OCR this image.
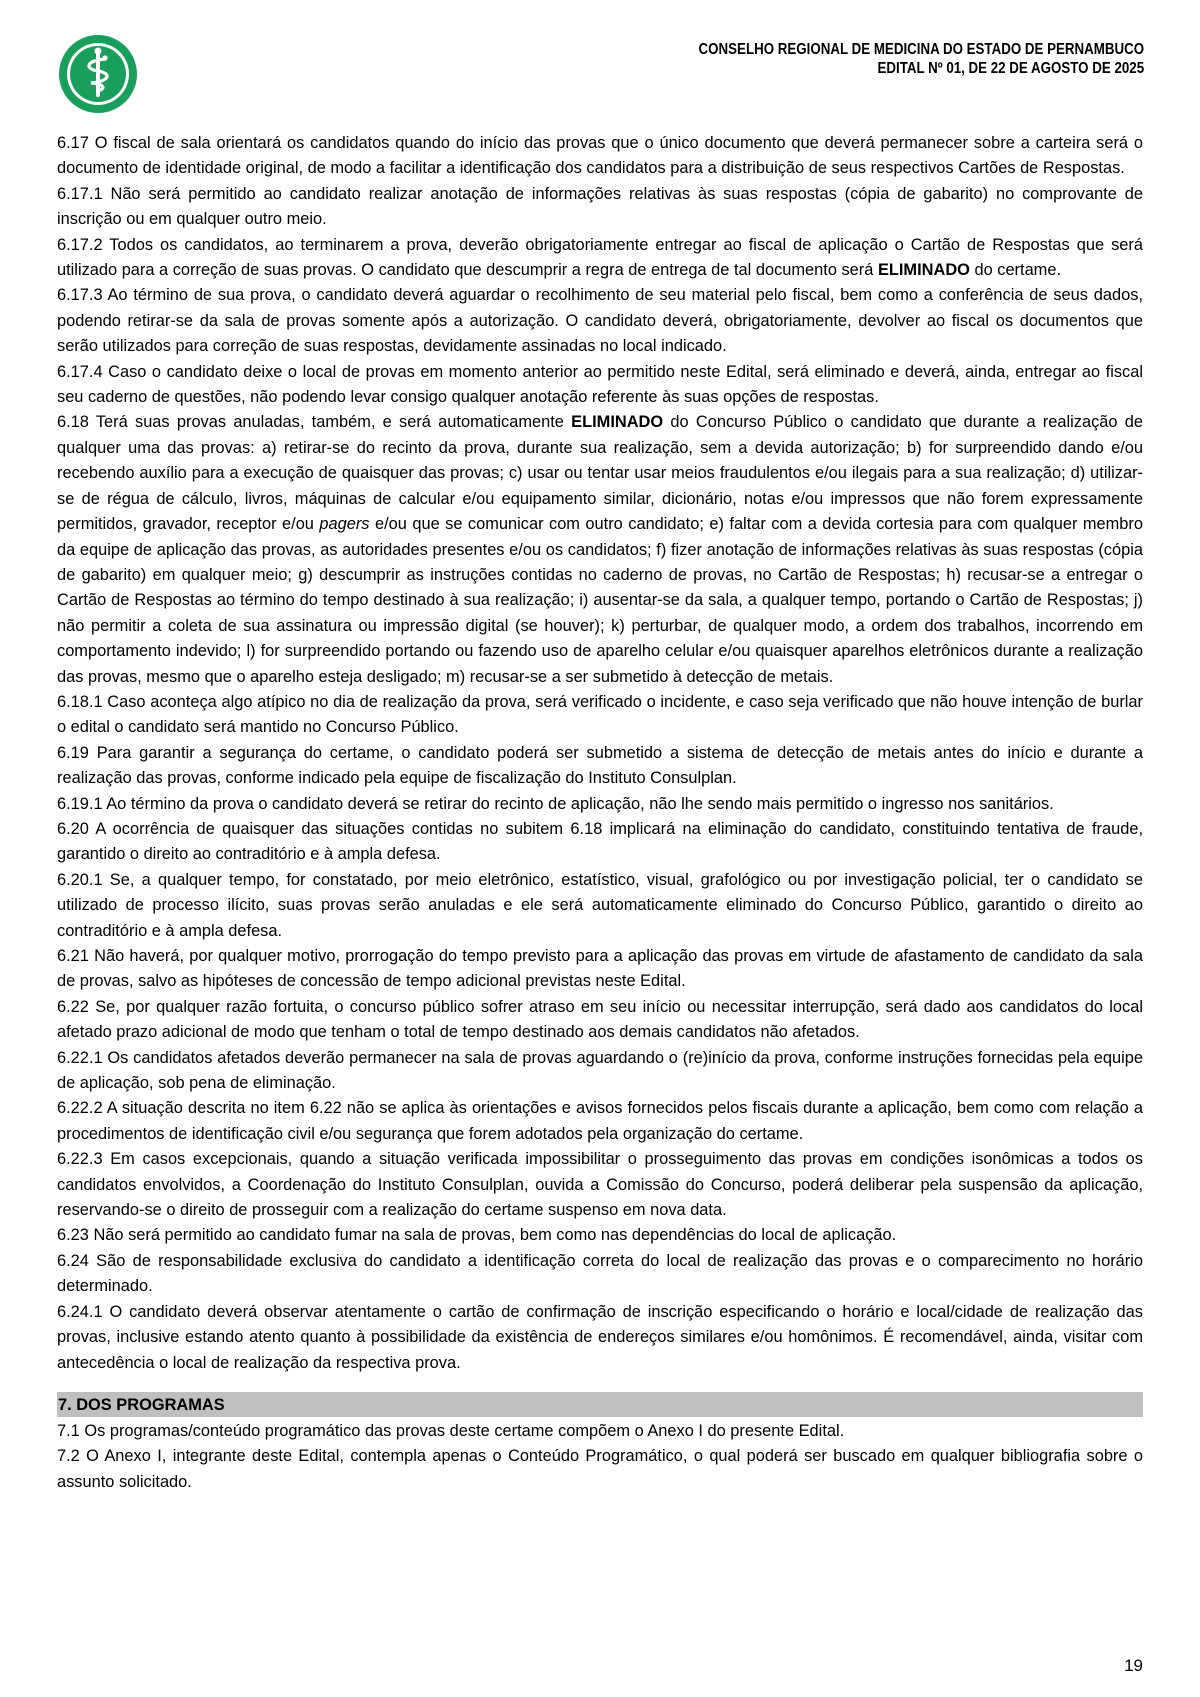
CONSELHO REGIONAL DE MEDICINA DO ESTADO DE PERNAMBUCO
EDITAL Nº 01, DE 22 DE AGOSTO DE 2025

6.17 O fiscal de sala orientará os candidatos quando do início das provas que o único documento que deverá permanecer sobre a carteira será o documento de identidade original, de modo a facilitar a identificação dos candidatos para a distribuição de seus respectivos Cartões de Respostas.

6.17.1 Não será permitido ao candidato realizar anotação de informações relativas às suas respostas (cópia de gabarito) no comprovante de inscrição ou em qualquer outro meio.

6.17.2 Todos os candidatos, ao terminarem a prova, deverão obrigatoriamente entregar ao fiscal de aplicação o Cartão de Respostas que será utilizado para a correção de suas provas. O candidato que descumprir a regra de entrega de tal documento será ELIMINADO do certame.

6.17.3 Ao término de sua prova, o candidato deverá aguardar o recolhimento de seu material pelo fiscal, bem como a conferência de seus dados, podendo retirar-se da sala de provas somente após a autorização. O candidato deverá, obrigatoriamente, devolver ao fiscal os documentos que serão utilizados para correção de suas respostas, devidamente assinadas no local indicado.

6.17.4 Caso o candidato deixe o local de provas em momento anterior ao permitido neste Edital, será eliminado e deverá, ainda, entregar ao fiscal seu caderno de questões, não podendo levar consigo qualquer anotação referente às suas opções de respostas.

6.18 Terá suas provas anuladas, também, e será automaticamente ELIMINADO do Concurso Público o candidato que durante a realização de qualquer uma das provas: a) retirar-se do recinto da prova, durante sua realização, sem a devida autorização; b) for surpreendido dando e/ou recebendo auxílio para a execução de quaisquer das provas; c) usar ou tentar usar meios fraudulentos e/ou ilegais para a sua realização; d) utilizar-se de régua de cálculo, livros, máquinas de calcular e/ou equipamento similar, dicionário, notas e/ou impressos que não forem expressamente permitidos, gravador, receptor e/ou pagers e/ou que se comunicar com outro candidato; e) faltar com a devida cortesia para com qualquer membro da equipe de aplicação das provas, as autoridades presentes e/ou os candidatos; f) fizer anotação de informações relativas às suas respostas (cópia de gabarito) em qualquer meio; g) descumprir as instruções contidas no caderno de provas, no Cartão de Respostas; h) recusar-se a entregar o Cartão de Respostas ao término do tempo destinado à sua realização; i) ausentar-se da sala, a qualquer tempo, portando o Cartão de Respostas; j) não permitir a coleta de sua assinatura ou impressão digital (se houver); k) perturbar, de qualquer modo, a ordem dos trabalhos, incorrendo em comportamento indevido; l) for surpreendido portando ou fazendo uso de aparelho celular e/ou quaisquer aparelhos eletrônicos durante a realização das provas, mesmo que o aparelho esteja desligado; m) recusar-se a ser submetido à detecção de metais.

6.18.1 Caso aconteça algo atípico no dia de realização da prova, será verificado o incidente, e caso seja verificado que não houve intenção de burlar o edital o candidato será mantido no Concurso Público.

6.19 Para garantir a segurança do certame, o candidato poderá ser submetido a sistema de detecção de metais antes do início e durante a realização das provas, conforme indicado pela equipe de fiscalização do Instituto Consulplan.

6.19.1 Ao término da prova o candidato deverá se retirar do recinto de aplicação, não lhe sendo mais permitido o ingresso nos sanitários.

6.20 A ocorrência de quaisquer das situações contidas no subitem 6.18 implicará na eliminação do candidato, constituindo tentativa de fraude, garantido o direito ao contraditório e à ampla defesa.

6.20.1 Se, a qualquer tempo, for constatado, por meio eletrônico, estatístico, visual, grafológico ou por investigação policial, ter o candidato se utilizado de processo ilícito, suas provas serão anuladas e ele será automaticamente eliminado do Concurso Público, garantido o direito ao contraditório e à ampla defesa.

6.21 Não haverá, por qualquer motivo, prorrogação do tempo previsto para a aplicação das provas em virtude de afastamento de candidato da sala de provas, salvo as hipóteses de concessão de tempo adicional previstas neste Edital.

6.22 Se, por qualquer razão fortuita, o concurso público sofrer atraso em seu início ou necessitar interrupção, será dado aos candidatos do local afetado prazo adicional de modo que tenham o total de tempo destinado aos demais candidatos não afetados.

6.22.1 Os candidatos afetados deverão permanecer na sala de provas aguardando o (re)início da prova, conforme instruções fornecidas pela equipe de aplicação, sob pena de eliminação.

6.22.2 A situação descrita no item 6.22 não se aplica às orientações e avisos fornecidos pelos fiscais durante a aplicação, bem como com relação a procedimentos de identificação civil e/ou segurança que forem adotados pela organização do certame.

6.22.3 Em casos excepcionais, quando a situação verificada impossibilitar o prosseguimento das provas em condições isonômicas a todos os candidatos envolvidos, a Coordenação do Instituto Consulplan, ouvida a Comissão do Concurso, poderá deliberar pela suspensão da aplicação, reservando-se o direito de prosseguir com a realização do certame suspenso em nova data.

6.23 Não será permitido ao candidato fumar na sala de provas, bem como nas dependências do local de aplicação.

6.24 São de responsabilidade exclusiva do candidato a identificação correta do local de realização das provas e o comparecimento no horário determinado.

6.24.1 O candidato deverá observar atentamente o cartão de confirmação de inscrição especificando o horário e local/cidade de realização das provas, inclusive estando atento quanto à possibilidade da existência de endereços similares e/ou homônimos. É recomendável, ainda, visitar com antecedência o local de realização da respectiva prova.

7. DOS PROGRAMAS

7.1 Os programas/conteúdo programático das provas deste certame compõem o Anexo I do presente Edital.

7.2 O Anexo I, integrante deste Edital, contempla apenas o Conteúdo Programático, o qual poderá ser buscado em qualquer bibliografia sobre o assunto solicitado.

19
